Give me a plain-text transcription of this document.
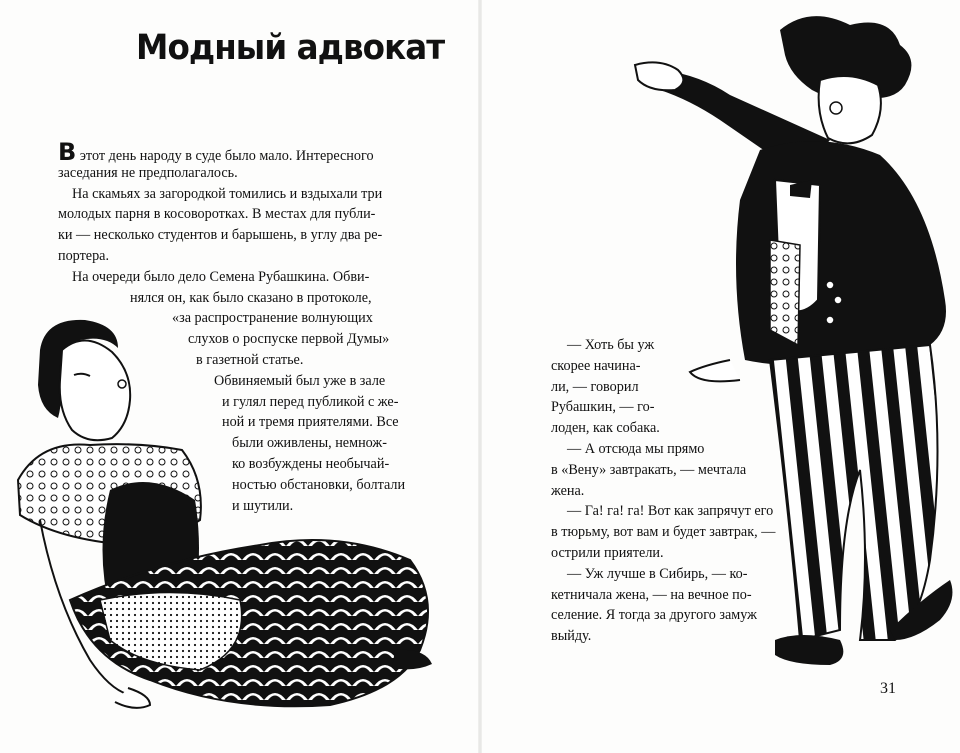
Модный адвокат
В этот день народу в суде было мало. Интересного
заседания не предполагалось.
На скамьях за загородкой томились и вздыхали три
молодых парня в косоворотках. В местах для публи-
ки — несколько студентов и барышень, в углу два ре-
портера.
На очереди было дело Семена Рубашкина. Обви-
нялся он, как было сказано в протоколе,
«за распространение волнующих
слухов о роспуске первой Думы»
в газетной статье.
Обвиняемый был уже в зале
и гулял перед публикой с же-
ной и тремя приятелями. Все
были оживлены, немнож-
ко возбуждены необычай-
ностью обстановки, болтали
и шутили.
— Хоть бы уж
скорее начина-
ли, — говорил
Рубашкин, — го-
лоден, как собака.
— А отсюда мы прямо
в «Вену» завтракать, — мечтала
жена.
— Га! га! га! Вот как запрячут его
в тюрьму, вот вам и будет завтрак, —
острили приятели.
— Уж лучше в Сибирь, — ко-
кетничала жена, — на вечное по-
селение. Я тогда за другого замуж
выйду.
31
